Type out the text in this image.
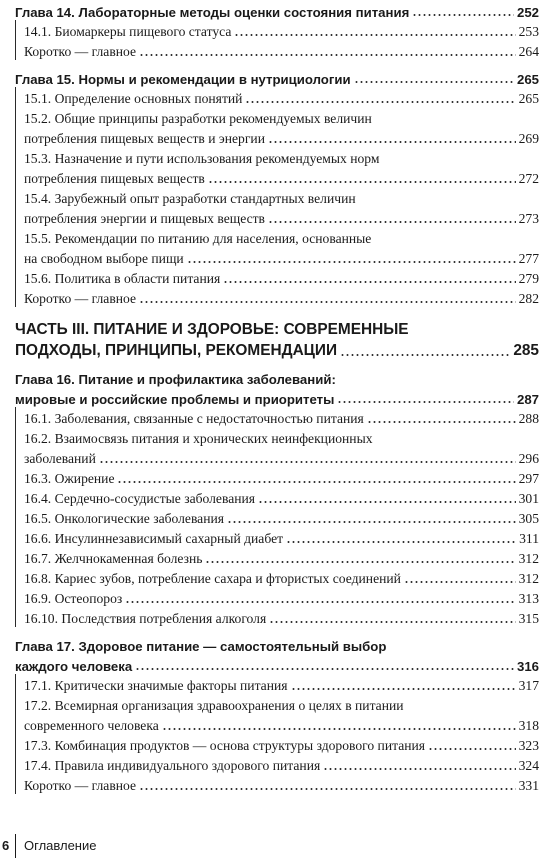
Глава 14. Лабораторные методы оценки состояния питания	252
14.1. Биомаркеры пищевого статуса	253
Коротко — главное	264
Глава 15. Нормы и рекомендации в нутрициологии	265
15.1. Определение основных понятий	265
15.2. Общие принципы разработки рекомендуемых величин
потребления пищевых веществ и энергии	269
15.3. Назначение и пути использования рекомендуемых норм
потребления пищевых веществ	272
15.4. Зарубежный опыт разработки стандартных величин
потребления энергии и пищевых веществ	273
15.5. Рекомендации по питанию для населения, основанные
на свободном выборе пищи	277
15.6. Политика в области питания	279
Коротко — главное	282
ЧАСТЬ III. ПИТАНИЕ И ЗДОРОВЬЕ: СОВРЕМЕННЫЕ
ПОДХОДЫ, ПРИНЦИПЫ, РЕКОМЕНДАЦИИ	285
Глава 16. Питание и профилактика заболеваний:
мировые и российские проблемы и приоритеты	287
16.1. Заболевания, связанные с недостаточностью питания	288
16.2. Взаимосвязь питания и хронических неинфекционных
заболеваний	296
16.3. Ожирение	297
16.4. Сердечно-сосудистые заболевания	301
16.5. Онкологические заболевания	305
16.6. Инсулиннезависимый сахарный диабет	311
16.7. Желчнокаменная болезнь	312
16.8. Кариес зубов, потребление сахара и фтористых соединений	312
16.9. Остеопороз	313
16.10. Последствия потребления алкоголя	315
Глава 17. Здоровое питание — самостоятельный выбор
каждого человека	316
17.1. Критически значимые факторы питания	317
17.2. Всемирная организация здравоохранения о целях в питании
современного человека	318
17.3. Комбинация продуктов — основа структуры здорового питания	323
17.4. Правила индивидуального здорового питания	324
Коротко — главное	331
6 Оглавление
